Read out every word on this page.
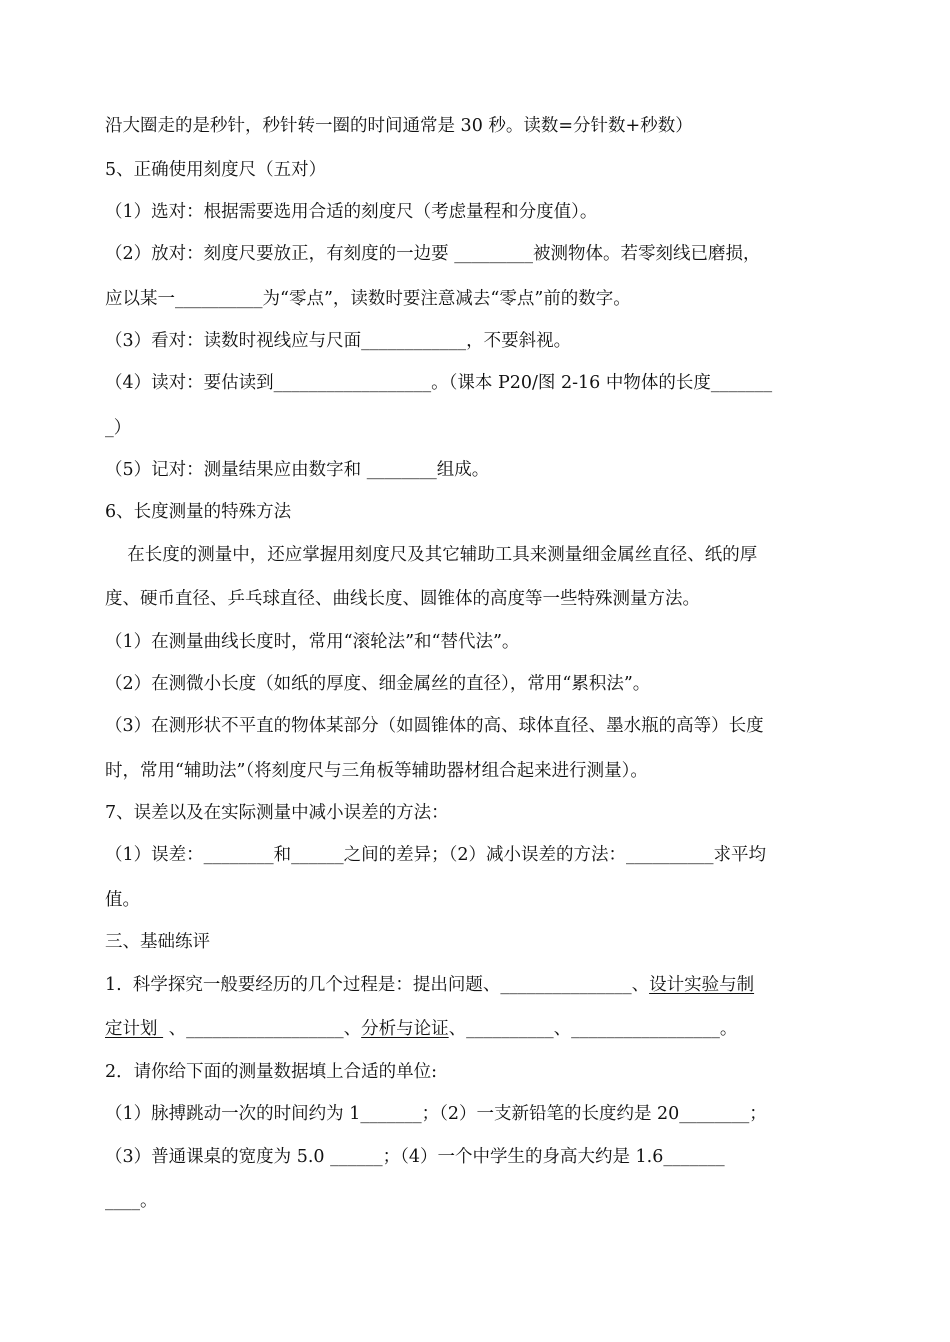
沿大圈走的是秒针，秒针转一圈的时间通常是 30 秒。读数=分针数+秒数）
5、正确使用刻度尺（五对）
（1）选对：根据需要选用合适的刻度尺（考虑量程和分度值）。
（2）放对：刻度尺要放正，有刻度的一边要 _________被测物体。若零刻线已磨损，
应以某一__________为“零点”，读数时要注意减去“零点”前的数字。
（3）看对：读数时视线应与尺面____________，不要斜视。
（4）读对：要估读到__________________。（课本 P20/图 2-16 中物体的长度_______
_）
（5）记对：测量结果应由数字和 ________组成。
6、长度测量的特殊方法
在长度的测量中，还应掌握用刻度尺及其它辅助工具来测量细金属丝直径、纸的厚
度、硬币直径、乒乓球直径、曲线长度、圆锥体的高度等一些特殊测量方法。
（1）在测量曲线长度时，常用“滚轮法”和“替代法”。
（2）在测微小长度（如纸的厚度、细金属丝的直径），常用“累积法”。
（3）在测形状不平直的物体某部分（如圆锥体的高、球体直径、墨水瓶的高等）长度
时，常用“辅助法”（将刻度尺与三角板等辅助器材组合起来进行测量）。
7、误差以及在实际测量中减小误差的方法：
（1）误差：________和______之间的差异；（2）减小误差的方法：__________求平均
值。
三、基础练评
1.  科学探究一般要经历的几个过程是：提出问题、_______________、设计实验与制
定计划  、__________________、分析与论证、__________、_________________。
2．请你给下面的测量数据填上合适的单位:
（1）脉搏跳动一次的时间约为 1_______；（2）一支新铅笔的长度约是 20________；
（3）普通课桌的宽度为 5.0 ______；（4）一个中学生的身高大约是 1.6_______
____。
